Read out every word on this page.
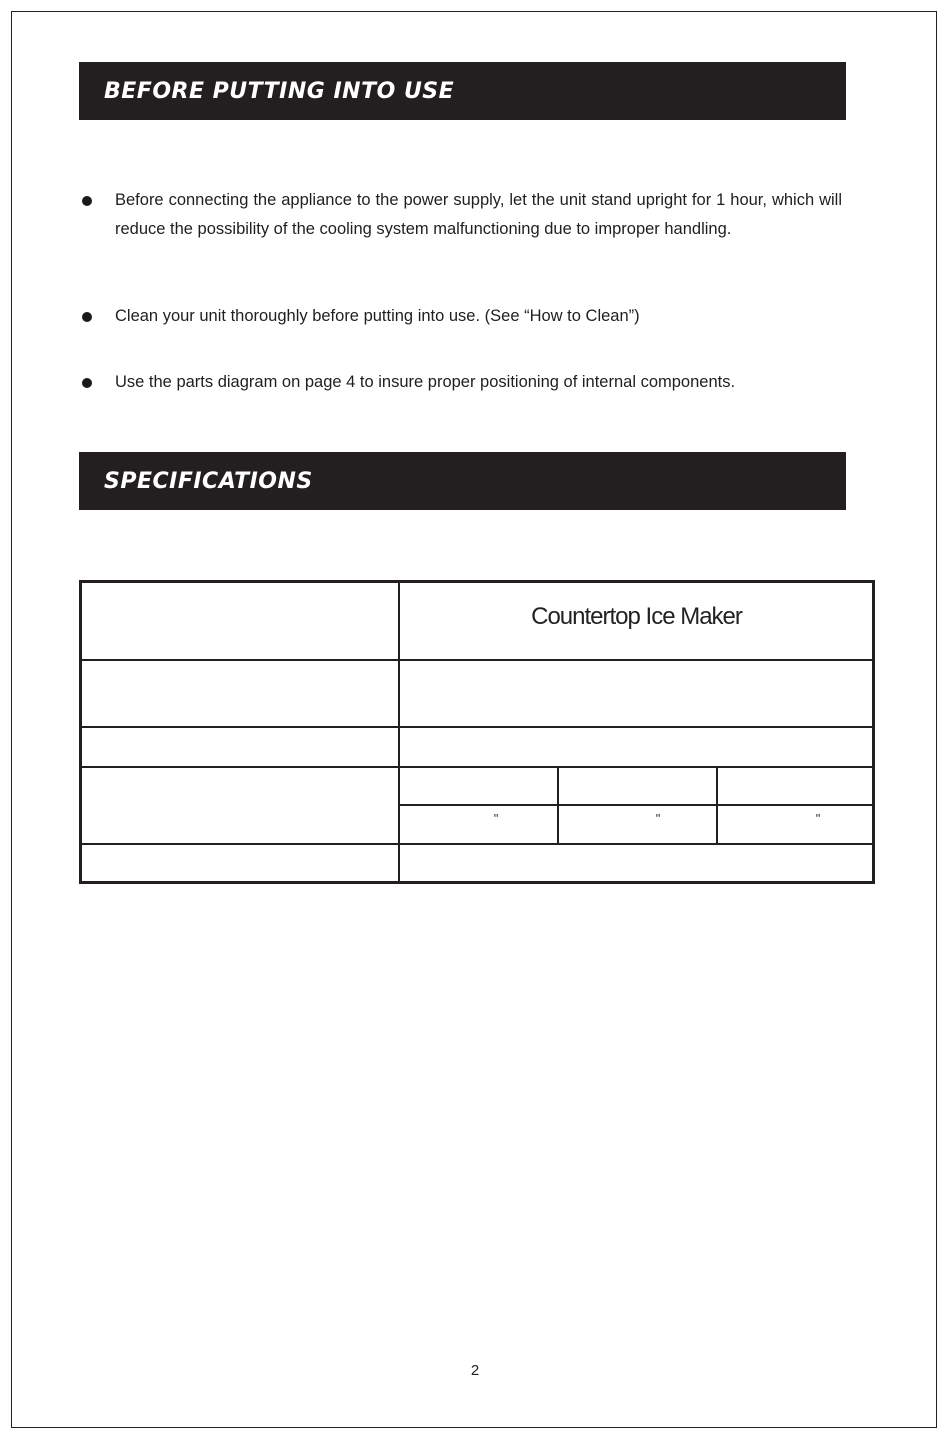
BEFORE PUTTING INTO USE
Before connecting the appliance to the power supply, let the unit stand upright for 1 hour, which will reduce the possibility of the cooling system malfunctioning due to improper handling.
Clean your unit thoroughly before putting into use. (See “How to Clean”)
Use the parts diagram on page 4 to insure proper positioning of internal components.
SPECIFICATIONS
Countertop Ice Maker
"	"	"
2
